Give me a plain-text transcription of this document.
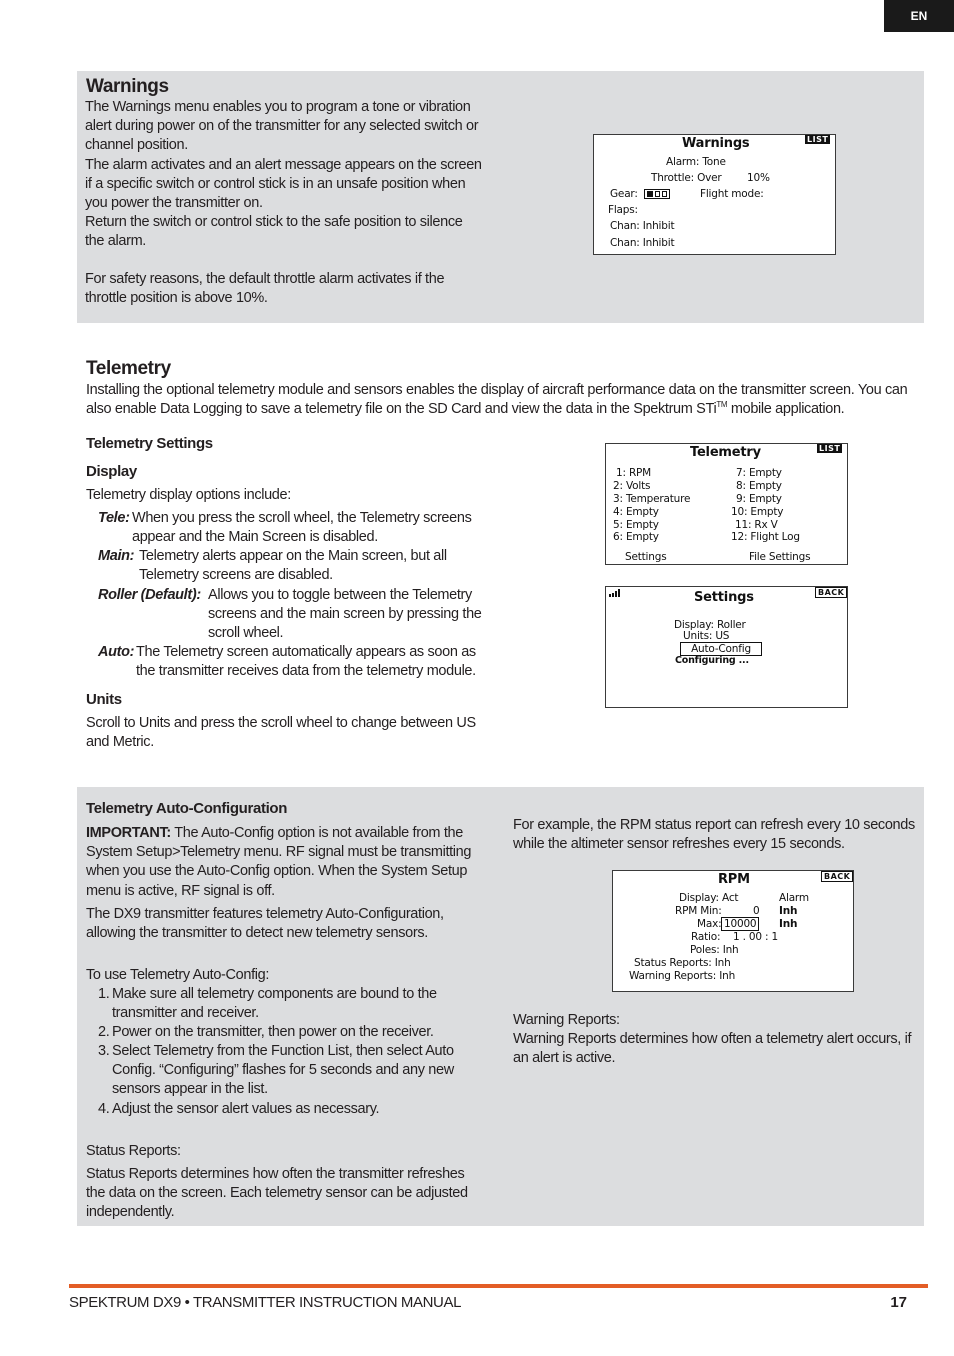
EN
Warnings
The Warnings menu enables you to program a tone or vibration
alert during power on of the transmitter for any selected switch or
channel position.
The alarm activates and an alert message appears on the screen
if a specific switch or control stick is in an unsafe position when
you power the transmitter on.
Return the switch or control stick to the safe position to silence
the alarm.
For safety reasons, the default throttle alarm activates if the
throttle position is above 10%.
Warnings	LIST
Alarm: Tone
Throttle: Over 10%
Gear:	Flight mode:
Flaps:
Chan: Inhibit
Chan: Inhibit
Telemetry
Installing the optional telemetry module and sensors enables the display of aircraft performance data on the transmitter screen. You can
also enable Data Logging to save a telemetry file on the SD Card and view the data in the Spektrum STi™ mobile application.
Telemetry Settings
Display
Telemetry display options include:
Tele: When you press the scroll wheel, the Telemetry screens
appear and the Main Screen is disabled.
Main: Telemetry alerts appear on the Main screen, but all
Telemetry screens are disabled.
Roller (Default): Allows you to toggle between the Telemetry
screens and the main screen by pressing the
scroll wheel.
Auto: The Telemetry screen automatically appears as soon as
the transmitter receives data from the telemetry module.
Units
Scroll to Units and press the scroll wheel to change between US
and Metric.
Telemetry	LIST
1: RPM
2: Volts
3: Temperature
4: Empty
5: Empty
6: Empty
7: Empty
8: Empty
9: Empty
10: Empty
11: Rx V
12: Flight Log
Settings	File Settings
Settings	BACK
Display: Roller
Units: US
Auto-Config
Configuring ...
Telemetry Auto-Configuration
IMPORTANT: The Auto-Config option is not available from the
System Setup>Telemetry menu. RF signal must be transmitting
when you use the Auto-Config option. When the System Setup
menu is active, RF signal is off.
The DX9 transmitter features telemetry Auto-Configuration,
allowing the transmitter to detect new telemetry sensors.
To use Telemetry Auto-Config:
1. Make sure all telemetry components are bound to the
transmitter and receiver.
2. Power on the transmitter, then power on the receiver.
3. Select Telemetry from the Function List, then select Auto
Config. “Configuring” flashes for 5 seconds and any new
sensors appear in the list.
4. Adjust the sensor alert values as necessary.
Status Reports:
Status Reports determines how often the transmitter refreshes
the data on the screen. Each telemetry sensor can be adjusted
independently.
For example, the RPM status report can refresh every 10 seconds
while the altimeter sensor refreshes every 15 seconds.
RPM	BACK
Display: Act	Alarm
RPM Min:	0 Inh
Max: 10000 Inh
Ratio: 1 . 00 : 1
Poles: Inh
Status Reports: Inh
Warning Reports: Inh
Warning Reports:
Warning Reports determines how often a telemetry alert occurs, if
an alert is active.
SPEKTRUM DX9 • TRANSMITTER INSTRUCTION MANUAL	17
